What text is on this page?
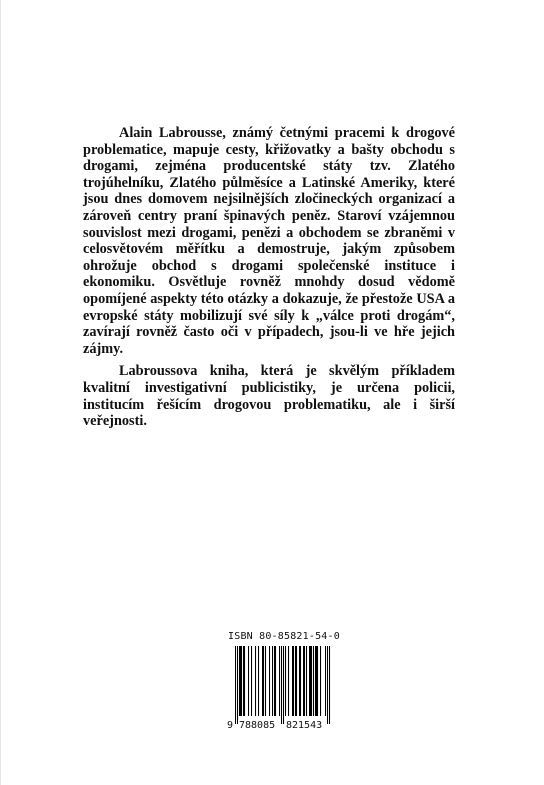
Alain Labrousse, známý četnými pracemi k drogové problematice, mapuje cesty, křižovatky a bašty obchodu s drogami, zejména producentské státy tzv. Zlatého trojúhelníku, Zlatého půlměsíce a Latinské Ameriky, které jsou dnes domovem nejsilnějších zločineckých organizací a zároveň centry praní špinavých peněz. Staroví vzájemnou souvislost mezi drogami, penězi a obchodem se zbraněmi v celosvětovém měřítku a demostruje, jakým způsobem ohrožuje obchod s drogami společenské instituce i ekonomiku. Osvětluje rovněž mnohdy dosud vědomě opomíjené aspekty této otázky a dokazuje, že přestože USA a evropské státy mobilizují své síly k „válce proti drogám“, zavírají rovněž často oči v případech, jsou-li ve hře jejich zájmy.

Labroussova kniha, která je skvělým příkladem kvalitní investigativní publicistiky, je určena policii, institucím řešícím drogovou problematiku, ale i širší veřejnosti.

ISBN 80-85821-54-0
9 788085 821543
